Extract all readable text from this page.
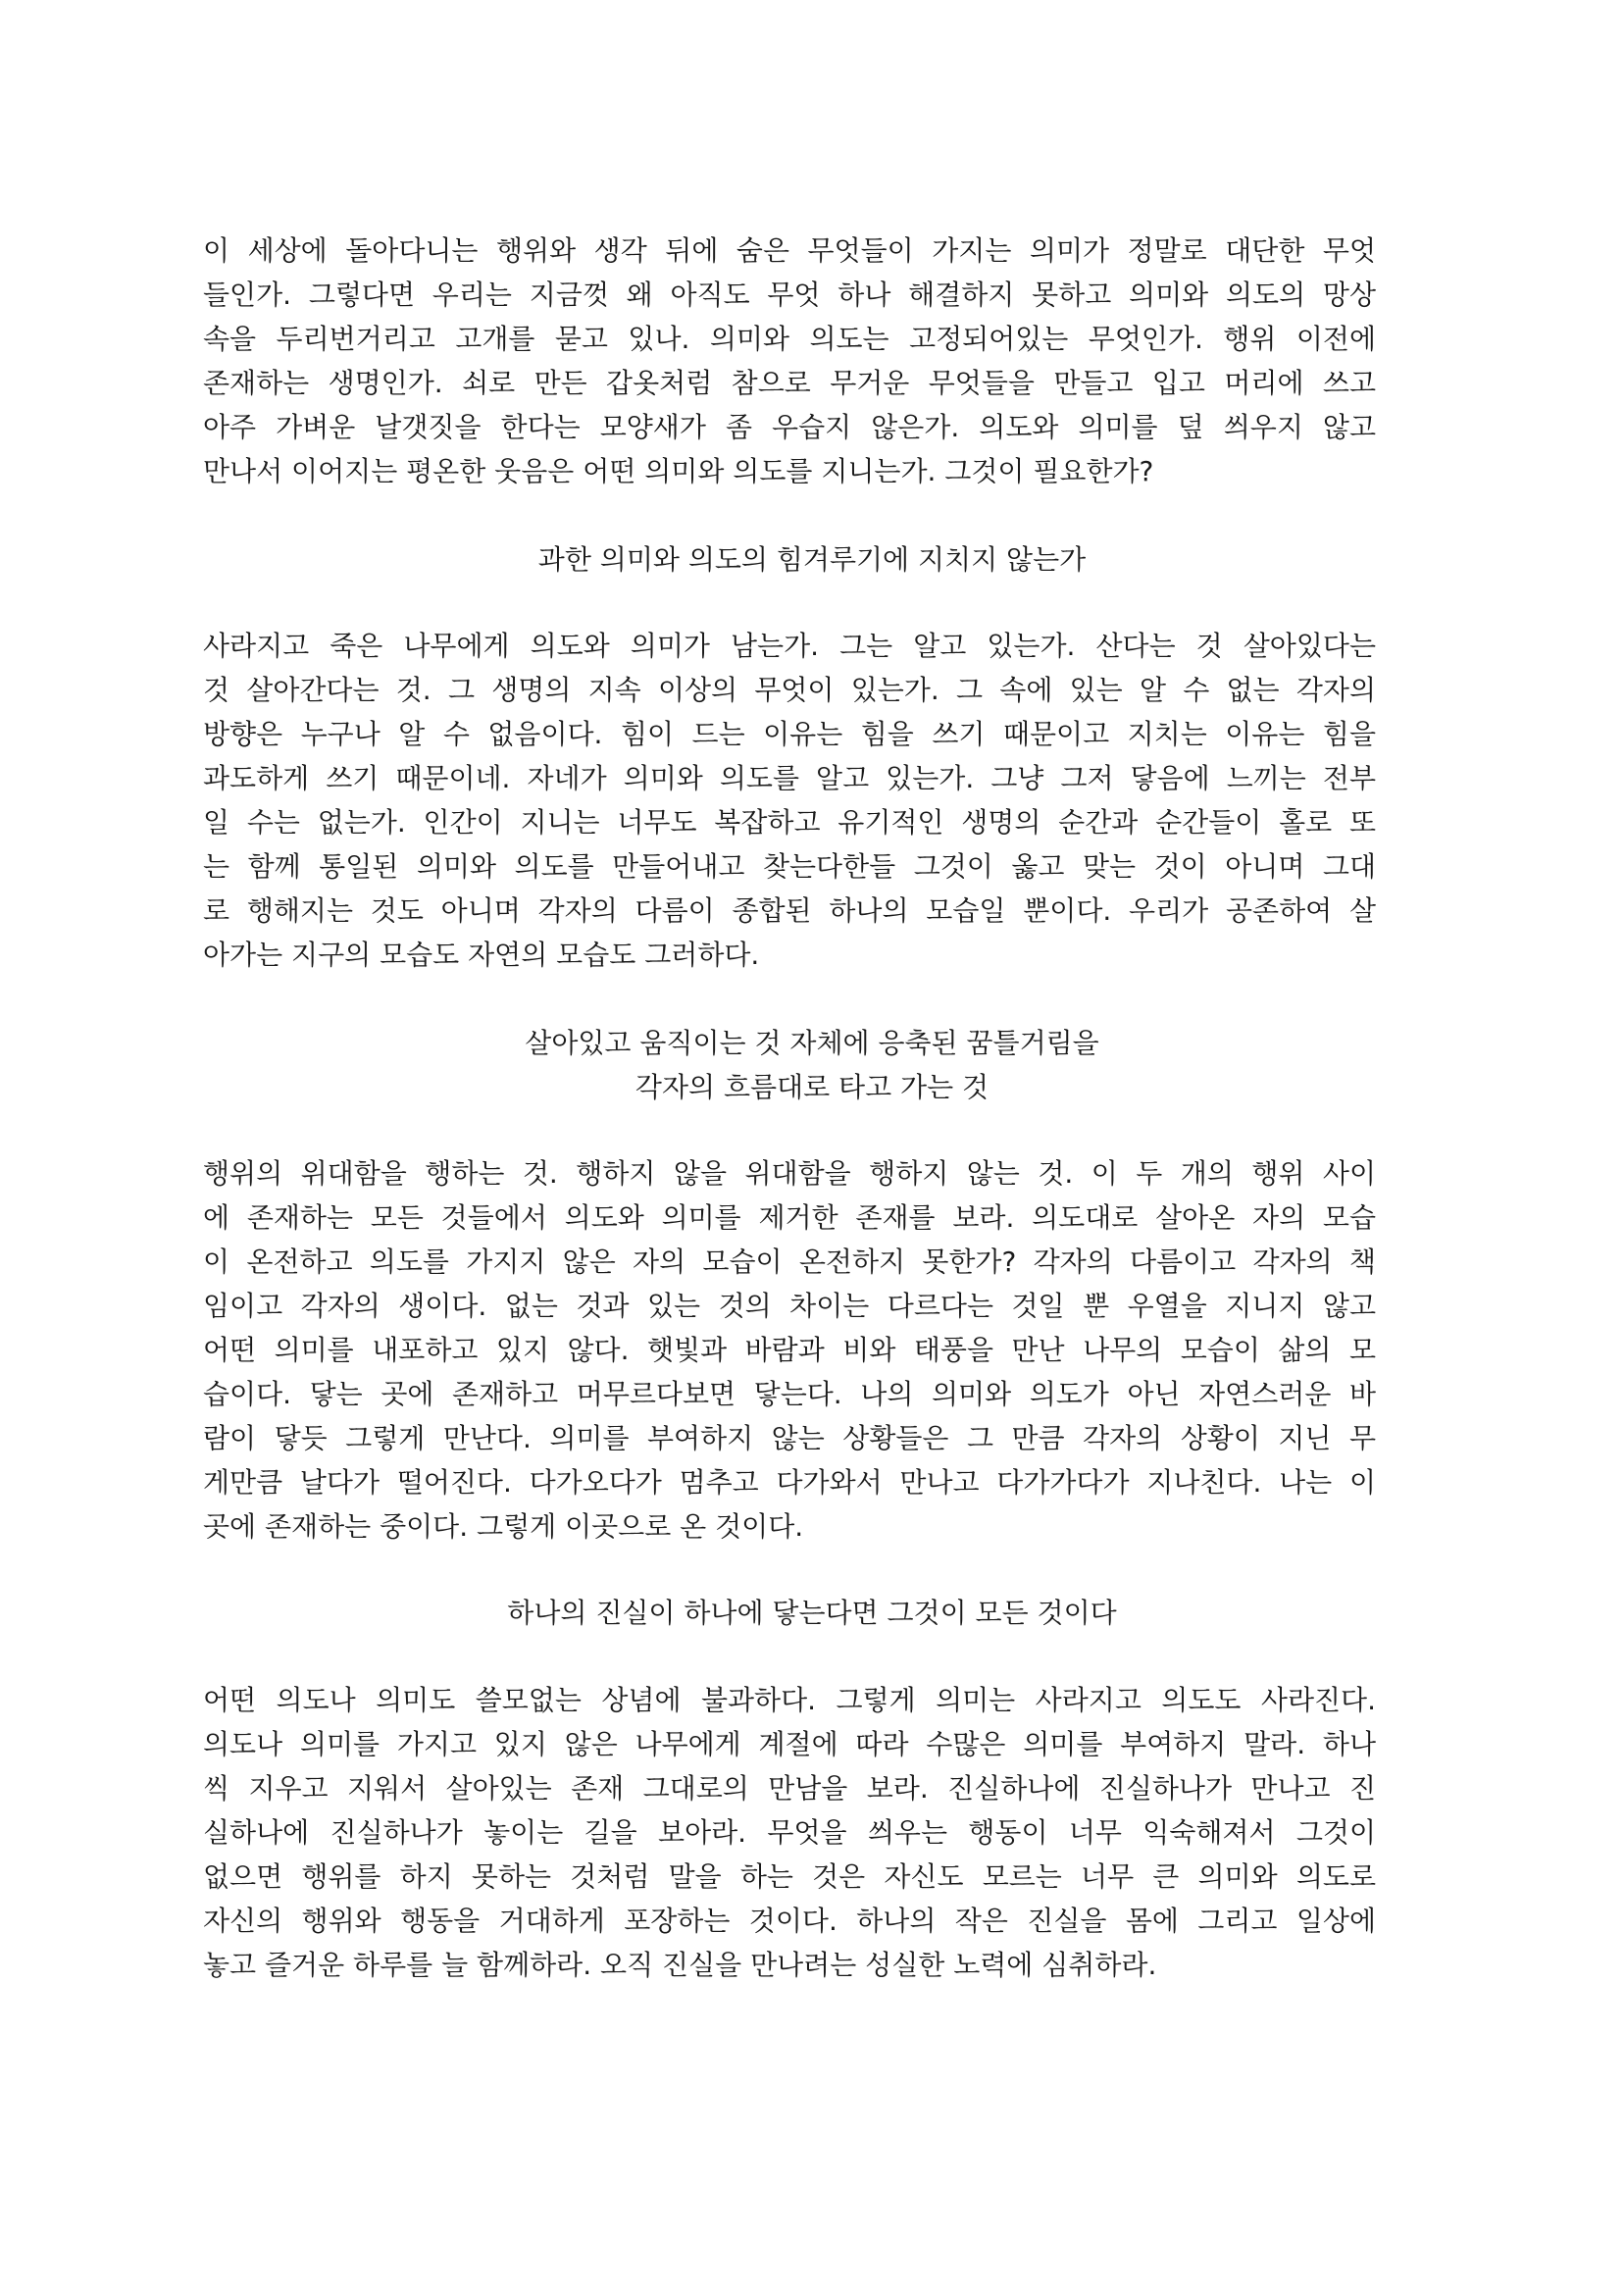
이 세상에 돌아다니는 행위와 생각 뒤에 숨은 무엇들이 가지는 의미가 정말로 대단한 무엇
들인가. 그렇다면 우리는 지금껏 왜 아직도 무엇 하나 해결하지 못하고 의미와 의도의 망상
속을 두리번거리고 고개를 묻고 있나. 의미와 의도는 고정되어있는 무엇인가. 행위 이전에
존재하는 생명인가. 쇠로 만든 갑옷처럼 참으로 무거운 무엇들을 만들고 입고 머리에 쓰고
아주 가벼운 날갯짓을 한다는 모양새가 좀 우습지 않은가. 의도와 의미를 덮 씌우지 않고
만나서 이어지는 평온한 웃음은 어떤 의미와 의도를 지니는가. 그것이 필요한가?
과한 의미와 의도의 힘겨루기에 지치지 않는가
사라지고 죽은 나무에게 의도와 의미가 남는가. 그는 알고 있는가. 산다는 것 살아있다는
것 살아간다는 것. 그 생명의 지속 이상의 무엇이 있는가. 그 속에 있는 알 수 없는 각자의
방향은 누구나 알 수 없음이다. 힘이 드는 이유는 힘을 쓰기 때문이고 지치는 이유는 힘을
과도하게 쓰기 때문이네. 자네가 의미와 의도를 알고 있는가. 그냥 그저 닿음에 느끼는 전부
일 수는 없는가. 인간이 지니는 너무도 복잡하고 유기적인 생명의 순간과 순간들이 홀로 또
는 함께 통일된 의미와 의도를 만들어내고 찾는다한들 그것이 옳고 맞는 것이 아니며 그대
로 행해지는 것도 아니며 각자의 다름이 종합된 하나의 모습일 뿐이다. 우리가 공존하여 살
아가는 지구의 모습도 자연의 모습도 그러하다.
살아있고 움직이는 것 자체에 응축된 꿈틀거림을
각자의 흐름대로 타고 가는 것
행위의 위대함을 행하는 것. 행하지 않을 위대함을 행하지 않는 것. 이 두 개의 행위 사이
에 존재하는 모든 것들에서 의도와 의미를 제거한 존재를 보라. 의도대로 살아온 자의 모습
이 온전하고 의도를 가지지 않은 자의 모습이 온전하지 못한가? 각자의 다름이고 각자의 책
임이고 각자의 생이다. 없는 것과 있는 것의 차이는 다르다는 것일 뿐 우열을 지니지 않고
어떤 의미를 내포하고 있지 않다. 햇빛과 바람과 비와 태풍을 만난 나무의 모습이 삶의 모
습이다. 닿는 곳에 존재하고 머무르다보면 닿는다. 나의 의미와 의도가 아닌 자연스러운 바
람이 닿듯 그렇게 만난다. 의미를 부여하지 않는 상황들은 그 만큼 각자의 상황이 지닌 무
게만큼 날다가 떨어진다. 다가오다가 멈추고 다가와서 만나고 다가가다가 지나친다. 나는 이
곳에 존재하는 중이다. 그렇게 이곳으로 온 것이다.
하나의 진실이 하나에 닿는다면 그것이 모든 것이다
어떤 의도나 의미도 쓸모없는 상념에 불과하다. 그렇게 의미는 사라지고 의도도 사라진다.
의도나 의미를 가지고 있지 않은 나무에게 계절에 따라 수많은 의미를 부여하지 말라. 하나
씩 지우고 지워서 살아있는 존재 그대로의 만남을 보라. 진실하나에 진실하나가 만나고 진
실하나에 진실하나가 놓이는 길을 보아라. 무엇을 씌우는 행동이 너무 익숙해져서 그것이
없으면 행위를 하지 못하는 것처럼 말을 하는 것은 자신도 모르는 너무 큰 의미와 의도로
자신의 행위와 행동을 거대하게 포장하는 것이다. 하나의 작은 진실을 몸에 그리고 일상에
놓고 즐거운 하루를 늘 함께하라. 오직 진실을 만나려는 성실한 노력에 심취하라.
